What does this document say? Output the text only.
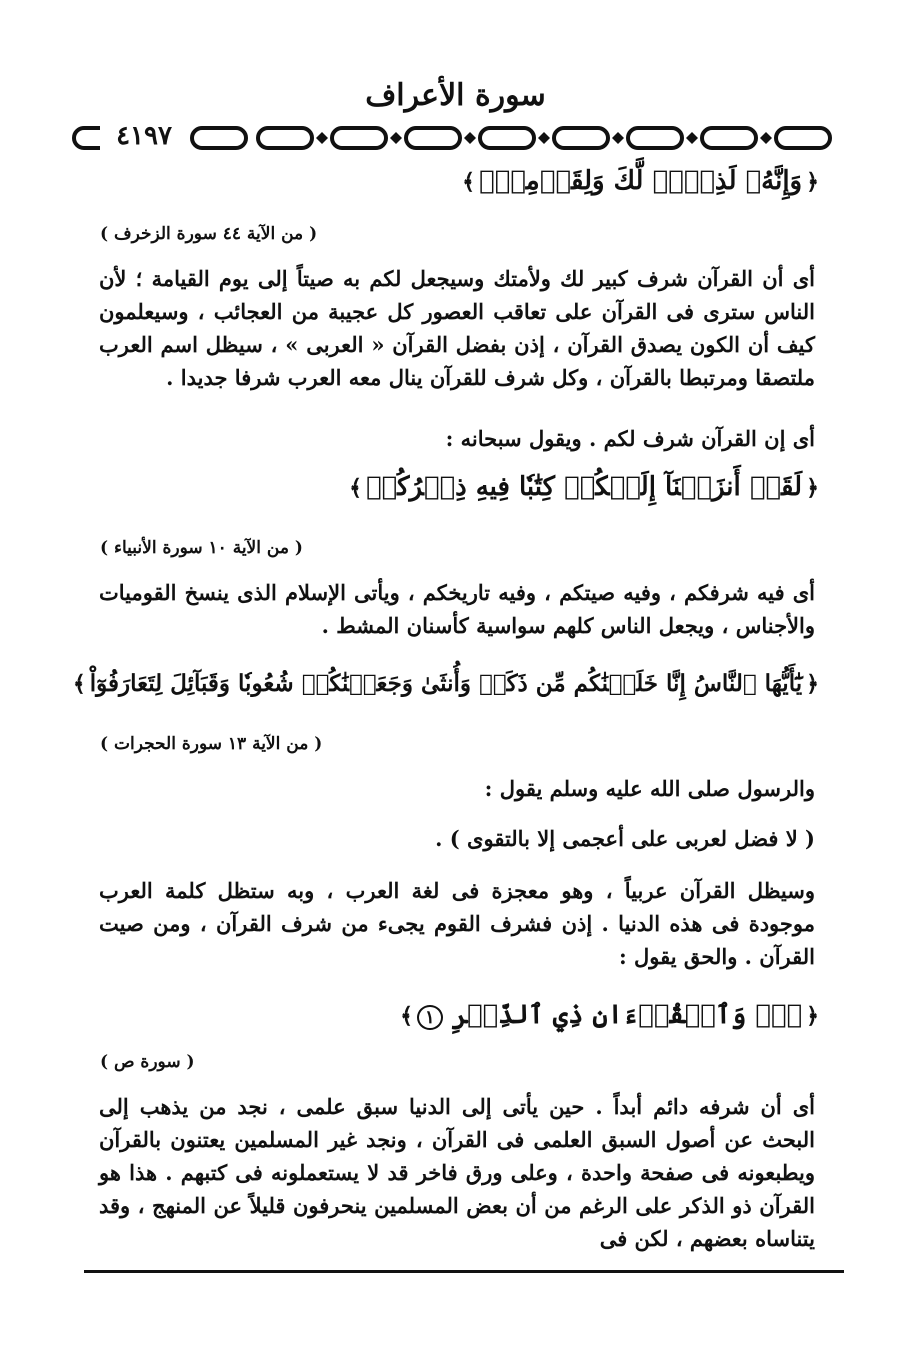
سورة الأعراف
٤١٩٧
﴿وَإِنَّهُۥ لَذِكۡرٞ لَّكَ وَلِقَوۡمِكَۖ﴾
( من الآية ٤٤ سورة الزخرف )
أى أن القرآن شرف كبير لك ولأمتك وسيجعل لكم به صيتاً إلى يوم القيامة ؛ لأن الناس سترى فى القرآن على تعاقب العصور كل عجيبة من العجائب ، وسيعلمون كيف أن الكون يصدق القرآن ، إذن بفضل القرآن « العربى » ، سيظل اسم العرب ملتصقا ومرتبطا بالقرآن ، وكل شرف للقرآن ينال معه العرب شرفا جديدا .
أى إن القرآن شرف لكم . ويقول سبحانه :
﴿لَقَدۡ أَنزَلۡنَآ إِلَيۡكُمۡ كِتَٰبٗا فِيهِ ذِكۡرُكُمۡ﴾
( من الآية ١٠ سورة الأنبياء )
أى فيه شرفكم ، وفيه صيتكم ، وفيه تاريخكم ، ويأتى الإسلام الذى ينسخ القوميات والأجناس ، ويجعل الناس كلهم سواسية كأسنان المشط .
﴿يَٰٓأَيُّهَا ٱلنَّاسُ إِنَّا خَلَقۡنَٰكُم مِّن ذَكَرٖ وَأُنثَىٰ وَجَعَلۡنَٰكُمۡ شُعُوبٗا وَقَبَآئِلَ لِتَعَارَفُوٓاْ﴾
( من الآية ١٣ سورة الحجرات )
والرسول صلى الله عليه وسلم يقول :
( لا فضل لعربى على أعجمى إلا بالتقوى ) .
وسيظل القرآن عربياً ، وهو معجزة فى لغة العرب ، وبه ستظل كلمة العرب موجودة فى هذه الدنيا . إذن فشرف القوم يجىء من شرف القرآن ، ومن صيت القرآن . والحق يقول :
﴿صٓۚ وَٱلۡقُرۡءَانِ ذِي ٱلذِّكۡرِ ١﴾
( سورة ص )
أى أن شرفه دائم أبداً . حين يأتى إلى الدنيا سبق علمى ، نجد من يذهب إلى البحث عن أصول السبق العلمى فى القرآن ، ونجد غير المسلمين يعتنون بالقرآن ويطبعونه فى صفحة واحدة ، وعلى ورق فاخر قد لا يستعملونه فى كتبهم . هذا هو القرآن ذو الذكر على الرغم من أن بعض المسلمين ينحرفون قليلاً عن المنهج ، وقد يتناساه بعضهم ، لكن فى
